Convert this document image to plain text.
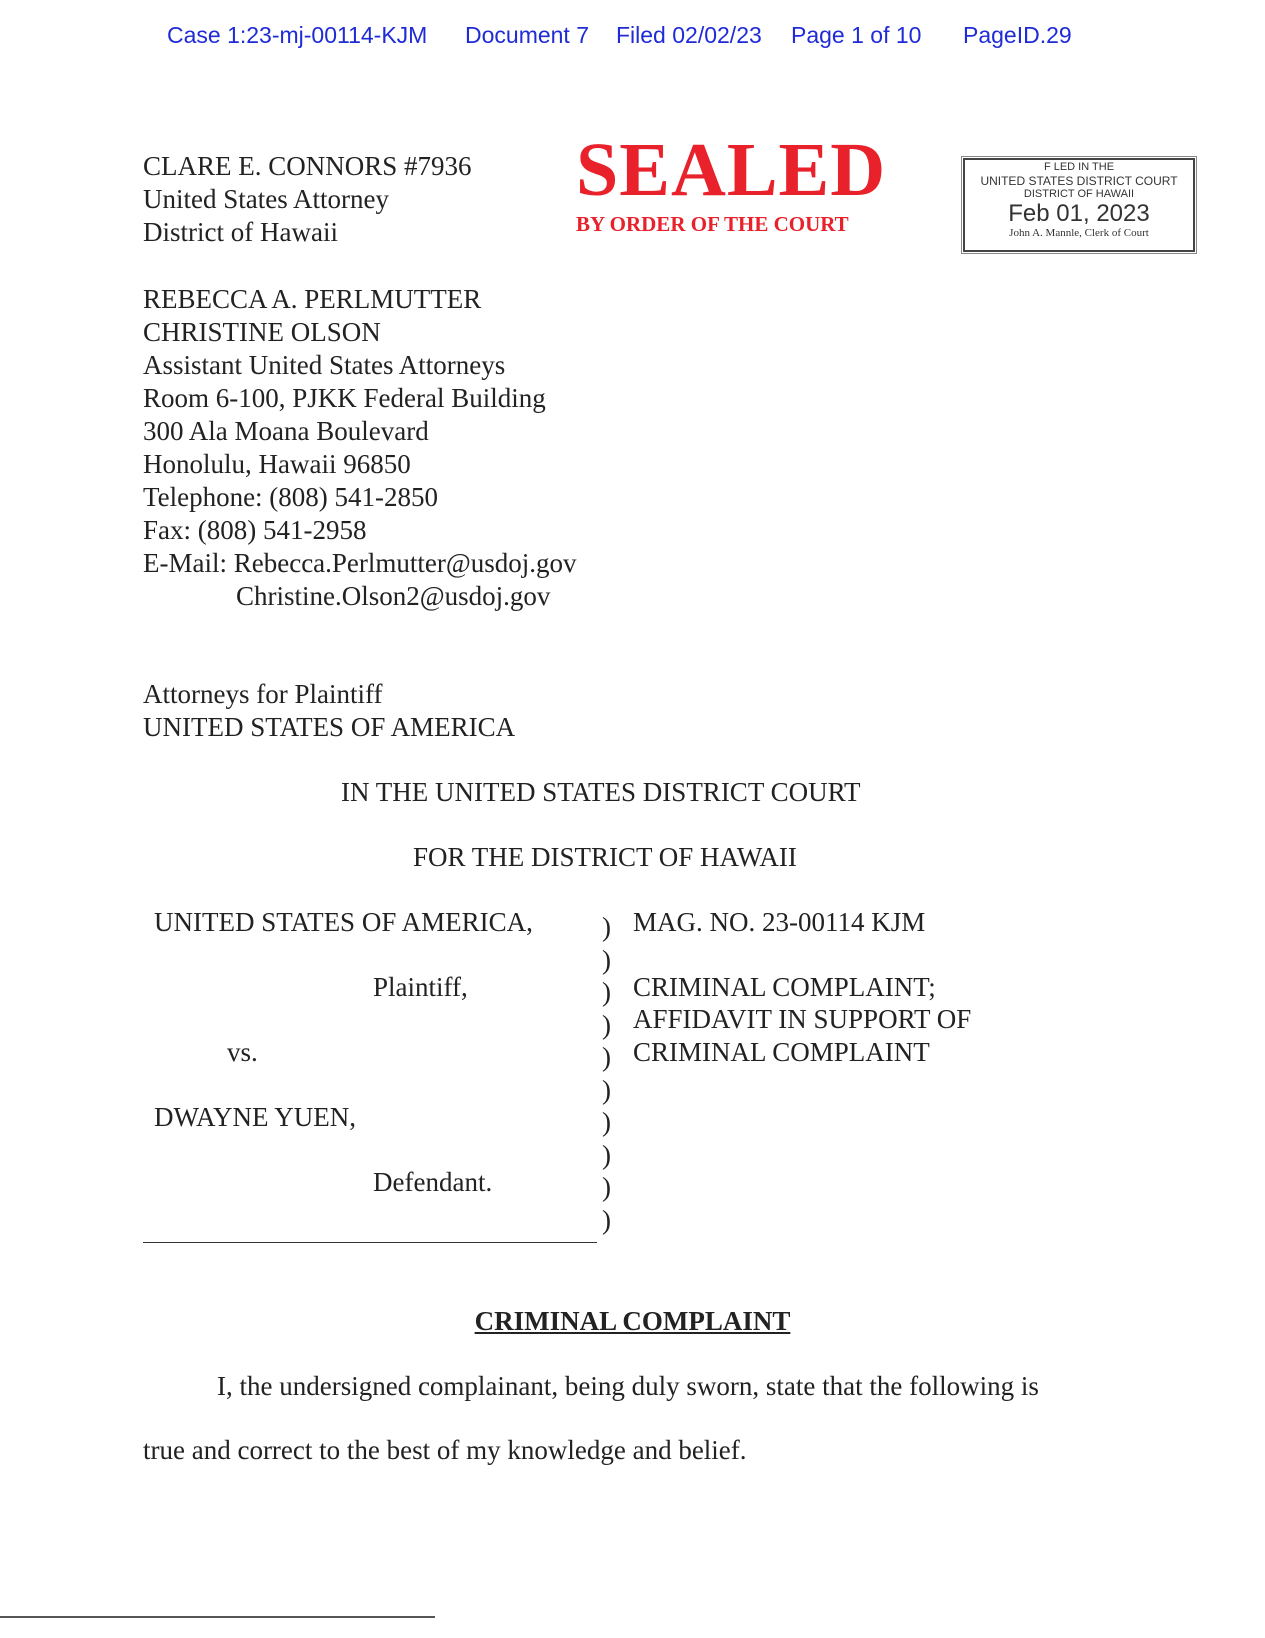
Case 1:23-mj-00114-KJM Document 7 Filed 02/02/23 Page 1 of 10 PageID.29
CLARE E. CONNORS #7936
United States Attorney
District of Hawaii
REBECCA A. PERLMUTTER
CHRISTINE OLSON
Assistant United States Attorneys
Room 6-100, PJKK Federal Building
300 Ala Moana Boulevard
Honolulu, Hawaii 96850
Telephone: (808) 541-2850
Fax: (808) 541-2958
E-Mail: Rebecca.Perlmutter@usdoj.gov
Christine.Olson2@usdoj.gov
Attorneys for Plaintiff
UNITED STATES OF AMERICA
SEALED
BY ORDER OF THE COURT
F LED IN THE
UNITED STATES DISTRICT COURT
DISTRICT OF HAWAII
Feb 01, 2023
John A. Mannle, Clerk of Court
IN THE UNITED STATES DISTRICT COURT
FOR THE DISTRICT OF HAWAII
UNITED STATES OF AMERICA,
Plaintiff,
vs.
DWAYNE YUEN,
Defendant.
)
)
)
)
)
)
)
)
)
)
MAG. NO. 23-00114 KJM
CRIMINAL COMPLAINT;
AFFIDAVIT IN SUPPORT OF
CRIMINAL COMPLAINT
CRIMINAL COMPLAINT
I, the undersigned complainant, being duly sworn, state that the following is
true and correct to the best of my knowledge and belief.
